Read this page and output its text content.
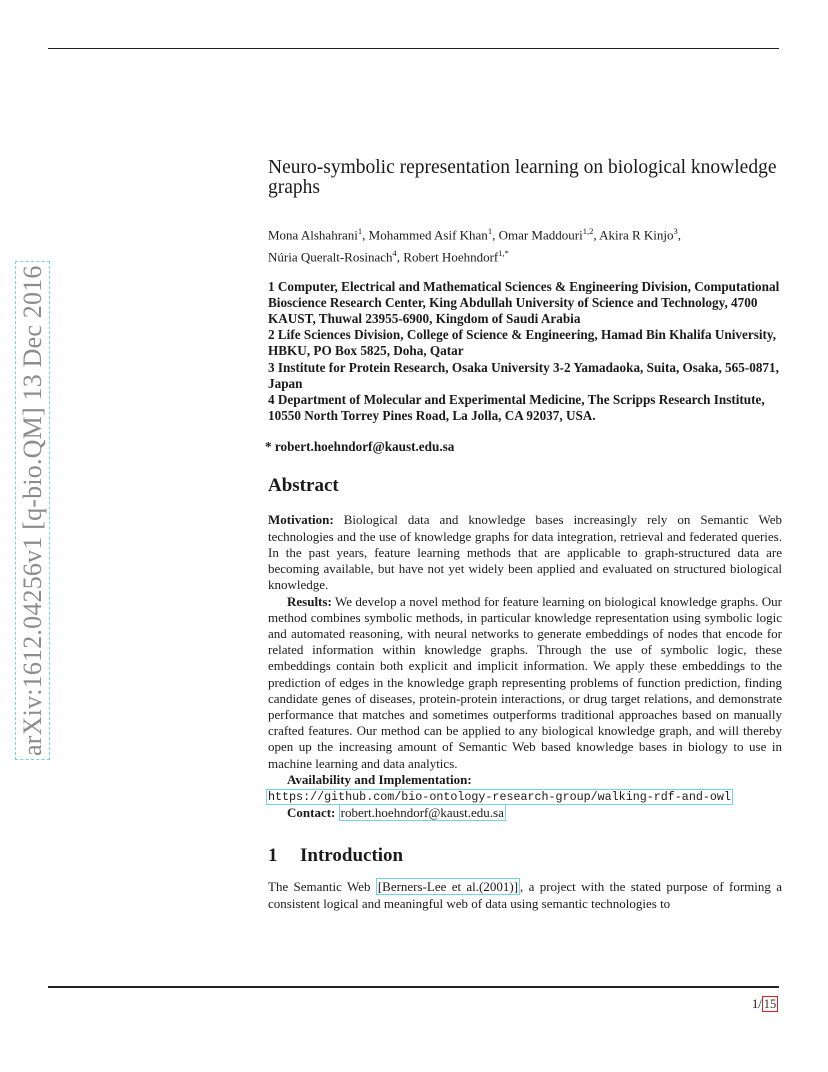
arXiv:1612.04256v1 [q-bio.QM] 13 Dec 2016
Neuro-symbolic representation learning on biological knowledge graphs

Mona Alshahrani$^1$, Mohammed Asif Khan$^1$, Omar Maddouri$^{1,2}$, Akira R Kinjo$^3$,
Núria Queralt-Rosinach$^4$, Robert Hoehndorf$^{1,*}$

1 Computer, Electrical and Mathematical Sciences & Engineering Division, Computational Bioscience Research Center, King Abdullah University of Science and Technology, 4700 KAUST, Thuwal 23955-6900, Kingdom of Saudi Arabia

2 Life Sciences Division, College of Science & Engineering, Hamad Bin Khalifa University, HBKU, PO Box 5825, Doha, Qatar

3 Institute for Protein Research, Osaka University 3-2 Yamadaoka, Suita, Osaka, 565-0871, Japan

4 Department of Molecular and Experimental Medicine, The Scripps Research Institute, 10550 North Torrey Pines Road, La Jolla, CA 92037, USA.

* robert.hoehndorf@kaust.edu.sa

Abstract
Motivation: Biological data and knowledge bases increasingly rely on Semantic Web technologies and the use of knowledge graphs for data integration, retrieval and federated queries. In the past years, feature learning methods that are applicable to graph-structured data are becoming available, but have not yet widely been applied and evaluated on structured biological knowledge.
Results: We develop a novel method for feature learning on biological knowledge graphs. Our method combines symbolic methods, in particular knowledge representation using symbolic logic and automated reasoning, with neural networks to generate embeddings of nodes that encode for related information within knowledge graphs. Through the use of symbolic logic, these embeddings contain both explicit and implicit information. We apply these embeddings to the prediction of edges in the knowledge graph representing problems of function prediction, finding candidate genes of diseases, protein-protein interactions, or drug target relations, and demonstrate performance that matches and sometimes outperforms traditional approaches based on manually crafted features. Our method can be applied to any biological knowledge graph, and will thereby open up the increasing amount of Semantic Web based knowledge bases in biology to use in machine learning and data analytics.
Availability and Implementation:
https://github.com/bio-ontology-research-group/walking-rdf-and-owl
Contact: robert.hoehndorf@kaust.edu.sa
1 Introduction

The Semantic Web [Berners-Lee et al.(2001)] , a project with the stated purpose of forming a consistent logical and meaningful web of data using semantic technologies to

1/ 15
